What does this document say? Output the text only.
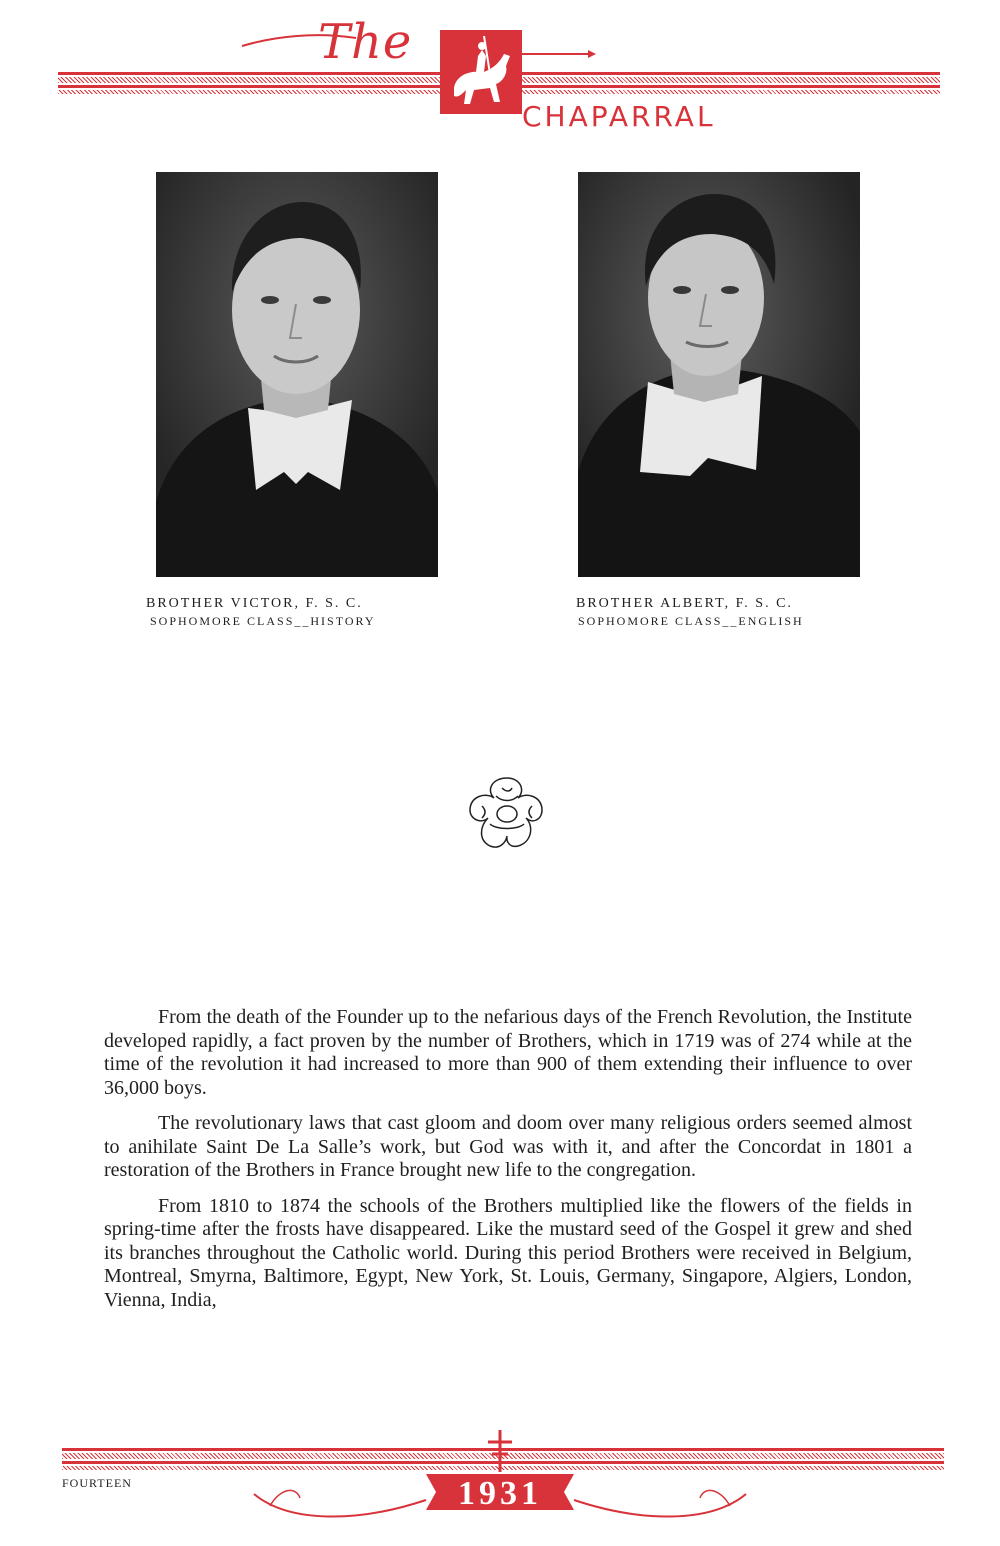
The
CHAPARRAL
BROTHER VICTOR, F. S. C.
SOPHOMORE CLASS__HISTORY
BROTHER ALBERT, F. S. C.
SOPHOMORE CLASS__ENGLISH

From the death of the Founder up to the nefarious days of the French Revolution, the Institute developed rapidly, a fact proven by the number of Brothers, which in 1719 was of 274 while at the time of the revolution it had increased to more than 900 of them extending their influence to over 36,000 boys.

The revolutionary laws that cast gloom and doom over many religious orders seemed almost to anihilate Saint De La Salle’s work, but God was with it, and after the Concordat in 1801 a restoration of the Brothers in France brought new life to the congregation.

From 1810 to 1874 the schools of the Brothers multiplied like the flowers of the fields in spring-time after the frosts have disappeared. Like the mustard seed of the Gospel it grew and shed its branches throughout the Catholic world. During this period Brothers were received in Belgium, Montreal, Smyrna, Baltimore, Egypt, New York, St. Louis, Germany, Singapore, Algiers, London, Vienna, India,

1931
FOURTEEN
